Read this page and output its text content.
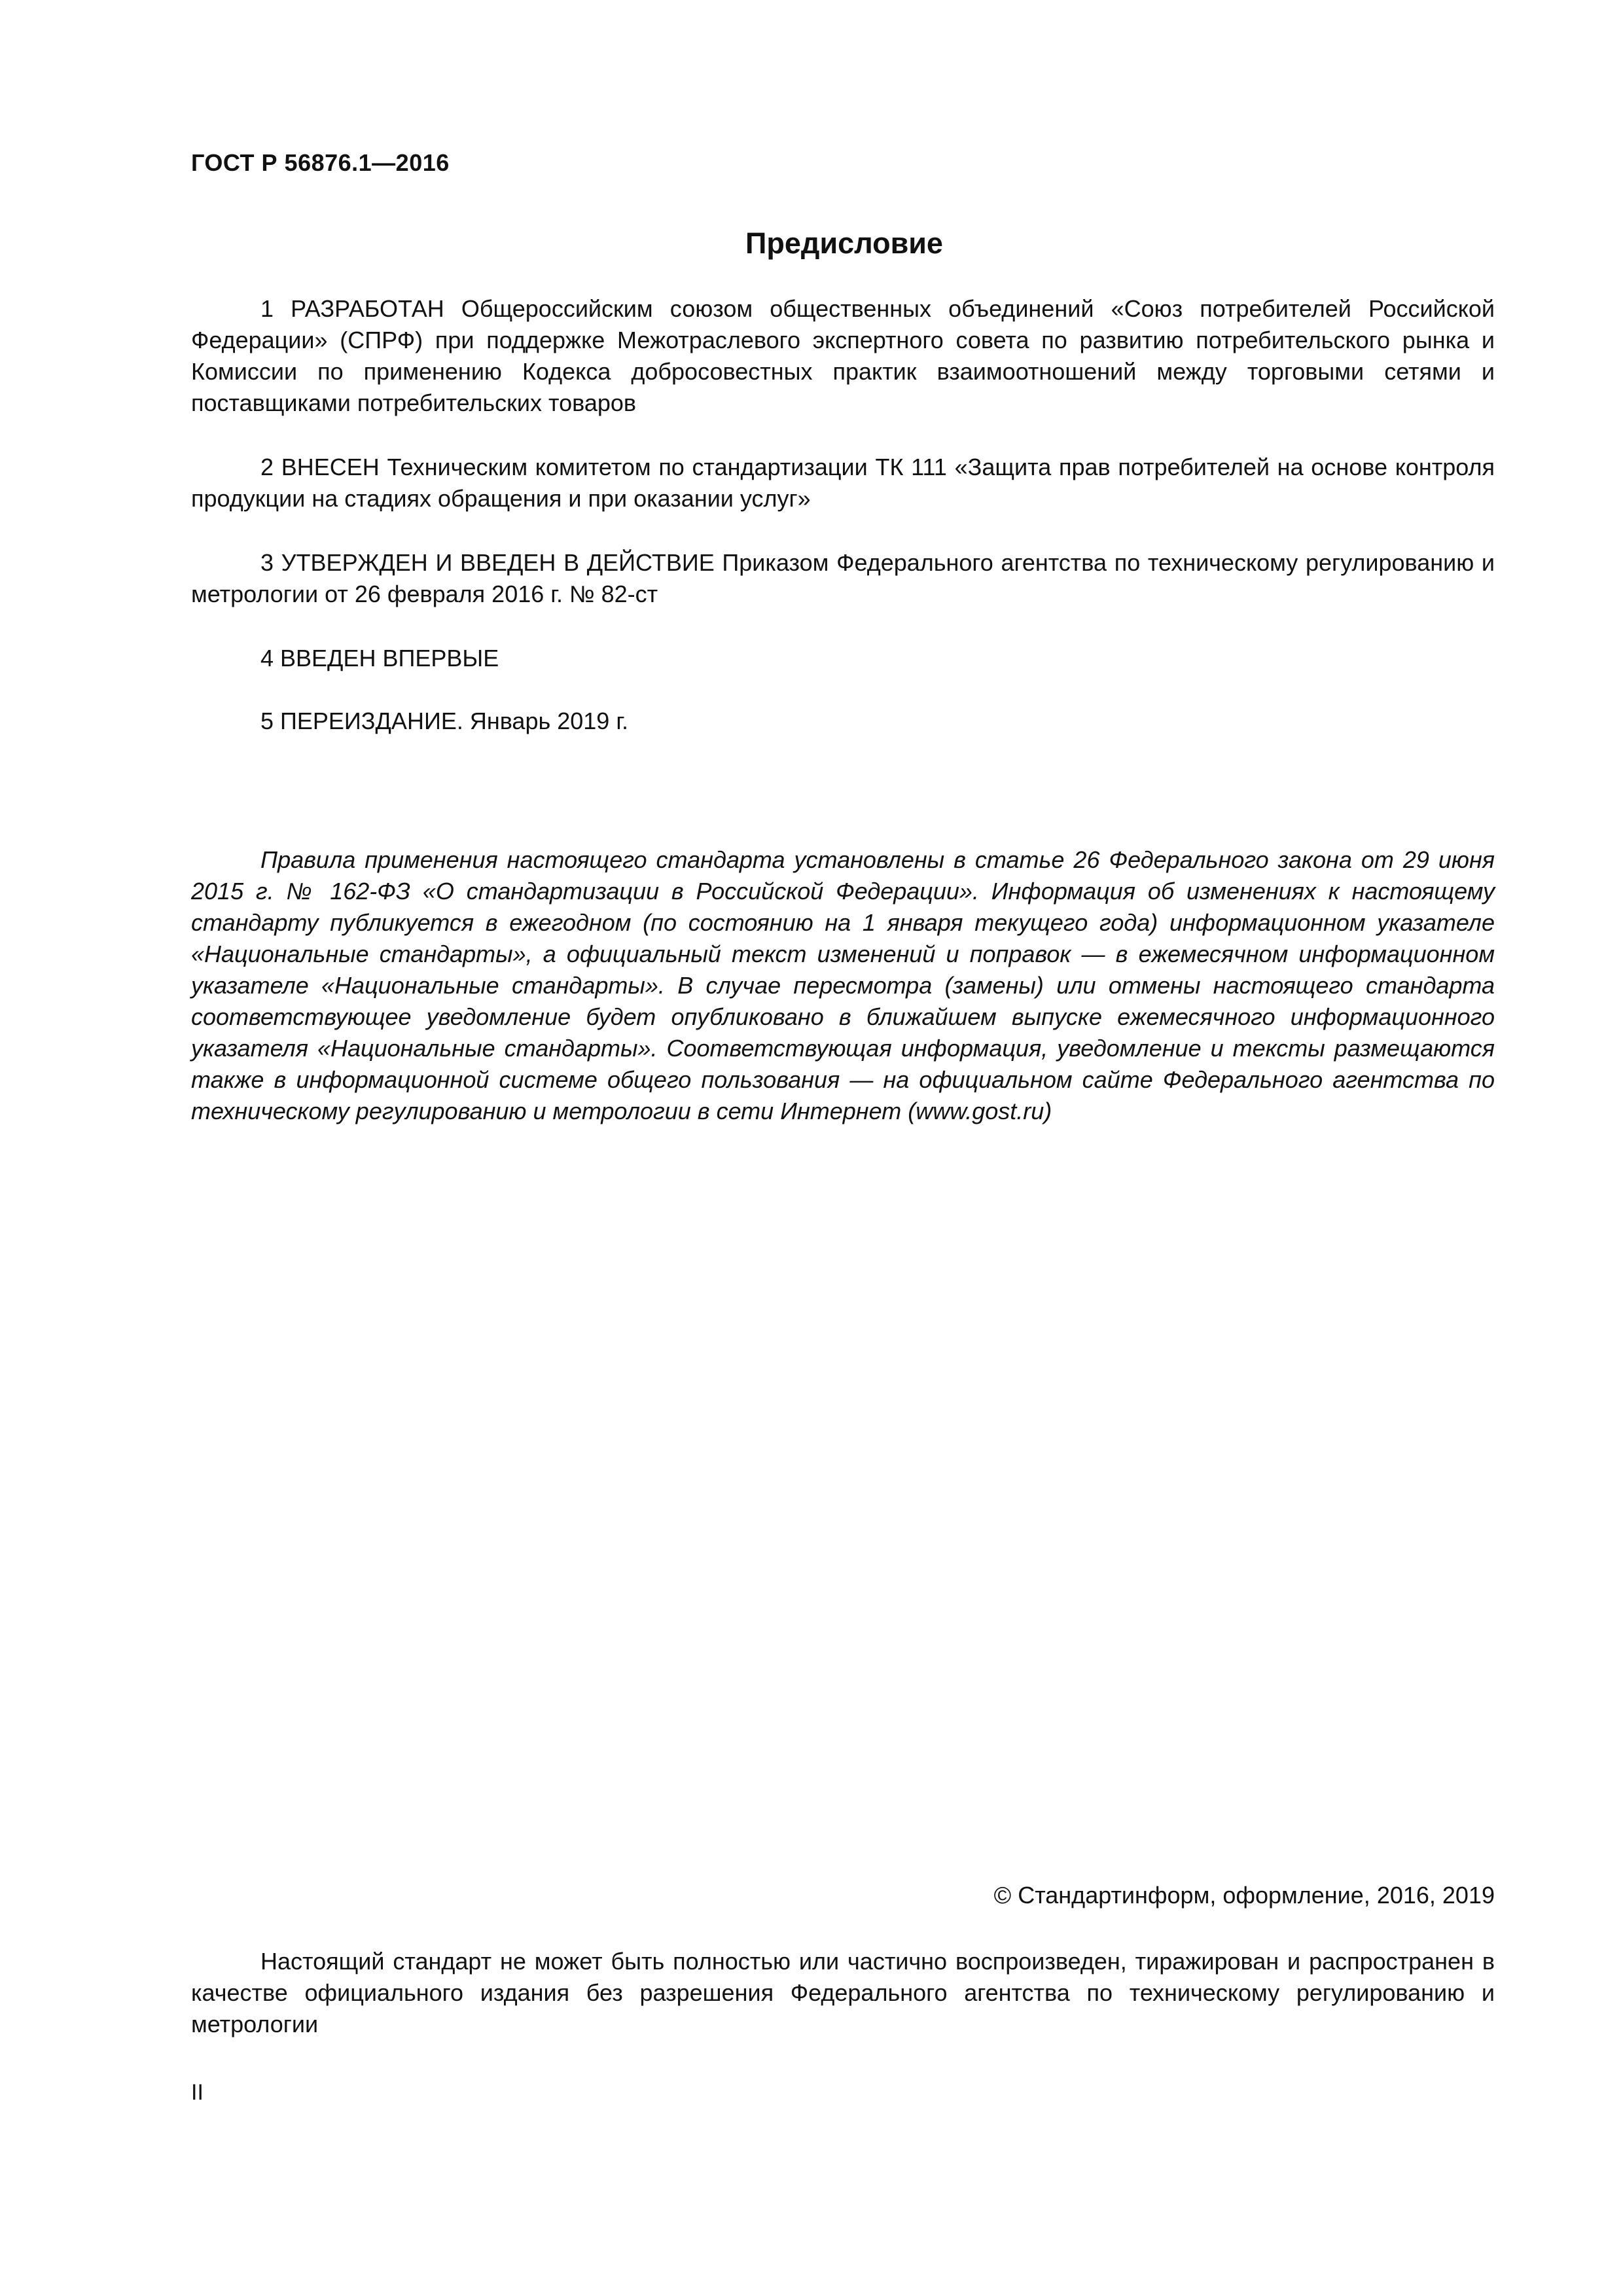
ГОСТ Р 56876.1—2016
Предисловие

1 РАЗРАБОТАН Общероссийским союзом общественных объединений «Союз потребителей Российской Федерации» (СПРФ) при поддержке Межотраслевого экспертного совета по развитию потребительского рынка и Комиссии по применению Кодекса добросовестных практик взаимоотношений между торговыми сетями и поставщиками потребительских товаров

2 ВНЕСЕН Техническим комитетом по стандартизации ТК 111 «Защита прав потребителей на основе контроля продукции на стадиях обращения и при оказании услуг»

3 УТВЕРЖДЕН И ВВЕДЕН В ДЕЙСТВИЕ Приказом Федерального агентства по техническому регулированию и метрологии от 26 февраля 2016 г. № 82-ст

4 ВВЕДЕН ВПЕРВЫЕ

5 ПЕРЕИЗДАНИЕ. Январь 2019 г.

Правила применения настоящего стандарта установлены в статье 26 Федерального закона от 29 июня 2015 г. № 162-ФЗ «О стандартизации в Российской Федерации». Информация об изменениях к настоящему стандарту публикуется в ежегодном (по состоянию на 1 января текущего года) информационном указателе «Национальные стандарты», а официальный текст изменений и поправок — в ежемесячном информационном указателе «Национальные стандарты». В случае пересмотра (замены) или отмены настоящего стандарта соответствующее уведомление будет опубликовано в ближайшем выпуске ежемесячного информационного указателя «Национальные стандарты». Соответствующая информация, уведомление и тексты размещаются также в информационной системе общего пользования — на официальном сайте Федерального агентства по техническому регулированию и метрологии в сети Интернет (www.gost.ru)

© Стандартинформ, оформление, 2016, 2019

Настоящий стандарт не может быть полностью или частично воспроизведен, тиражирован и распространен в качестве официального издания без разрешения Федерального агентства по техническому регулированию и метрологии

II
